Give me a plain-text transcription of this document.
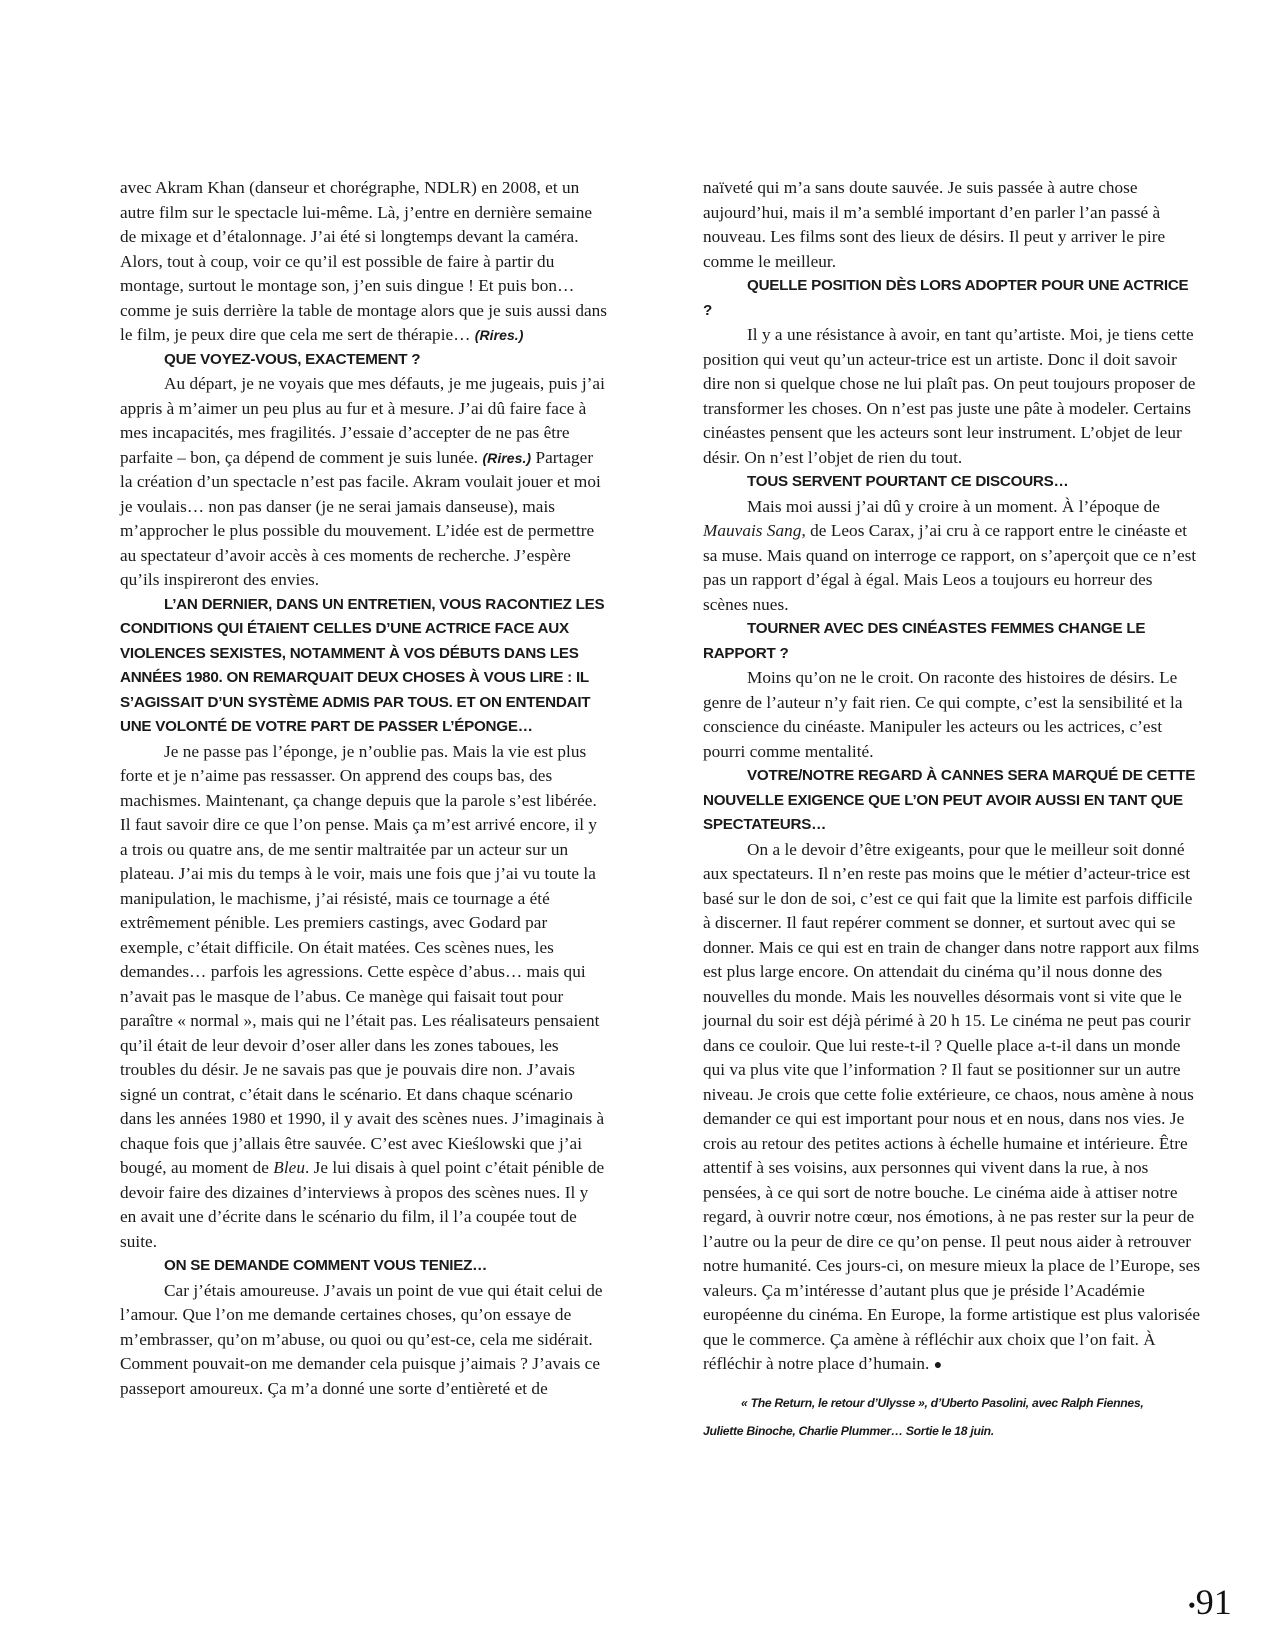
avec Akram Khan (danseur et chorégraphe, NDLR) en 2008, et un autre film sur le spectacle lui-même. Là, j’entre en dernière semaine de mixage et d’étalonnage. J’ai été si longtemps devant la caméra. Alors, tout à coup, voir ce qu’il est possible de faire à partir du montage, surtout le montage son, j’en suis dingue ! Et puis bon… comme je suis derrière la table de montage alors que je suis aussi dans le film, je peux dire que cela me sert de thérapie… (Rires.)
QUE VOYEZ-VOUS, EXACTEMENT ?
Au départ, je ne voyais que mes défauts, je me jugeais, puis j’ai appris à m’aimer un peu plus au fur et à mesure. J’ai dû faire face à mes incapacités, mes fragilités. J’essaie d’accepter de ne pas être parfaite – bon, ça dépend de comment je suis lunée. (Rires.) Partager la création d’un spectacle n’est pas facile. Akram voulait jouer et moi je voulais… non pas danser (je ne serai jamais danseuse), mais m’approcher le plus possible du mouvement. L’idée est de permettre au spectateur d’avoir accès à ces moments de recherche. J’espère qu’ils inspireront des envies.
L’AN DERNIER, DANS UN ENTRETIEN, VOUS RACONTIEZ LES CONDITIONS QUI ÉTAIENT CELLES D’UNE ACTRICE FACE AUX VIOLENCES SEXISTES, NOTAMMENT À VOS DÉBUTS DANS LES ANNÉES 1980. ON REMARQUAIT DEUX CHOSES À VOUS LIRE : IL S’AGISSAIT D’UN SYSTÈME ADMIS PAR TOUS. ET ON ENTENDAIT UNE VOLONTÉ DE VOTRE PART DE PASSER L’ÉPONGE…
Je ne passe pas l’éponge, je n’oublie pas. Mais la vie est plus forte et je n’aime pas ressasser. On apprend des coups bas, des machismes. Maintenant, ça change depuis que la parole s’est libérée. Il faut savoir dire ce que l’on pense. Mais ça m’est arrivé encore, il y a trois ou quatre ans, de me sentir maltraitée par un acteur sur un plateau. J’ai mis du temps à le voir, mais une fois que j’ai vu toute la manipulation, le machisme, j’ai résisté, mais ce tournage a été extrêmement pénible. Les premiers castings, avec Godard par exemple, c’était difficile. On était matées. Ces scènes nues, les demandes… parfois les agressions. Cette espèce d’abus… mais qui n’avait pas le masque de l’abus. Ce manège qui faisait tout pour paraître « normal », mais qui ne l’était pas. Les réalisateurs pensaient qu’il était de leur devoir d’oser aller dans les zones taboues, les troubles du désir. Je ne savais pas que je pouvais dire non. J’avais signé un contrat, c’était dans le scénario. Et dans chaque scénario dans les années 1980 et 1990, il y avait des scènes nues. J’imaginais à chaque fois que j’allais être sauvée. C’est avec Kieślowski que j’ai bougé, au moment de Bleu. Je lui disais à quel point c’était pénible de devoir faire des dizaines d’interviews à propos des scènes nues. Il y en avait une d’écrite dans le scénario du film, il l’a coupée tout de suite.
ON SE DEMANDE COMMENT VOUS TENIEZ…
Car j’étais amoureuse. J’avais un point de vue qui était celui de l’amour. Que l’on me demande certaines choses, qu’on essaye de m’embrasser, qu’on m’abuse, ou quoi ou qu’est-ce, cela me sidérait. Comment pouvait-on me demander cela puisque j’aimais ? J’avais ce passeport amoureux. Ça m’a donné une sorte d’entièreté et de
naïveté qui m’a sans doute sauvée. Je suis passée à autre chose aujourd’hui, mais il m’a semblé important d’en parler l’an passé à nouveau. Les films sont des lieux de désirs. Il peut y arriver le pire comme le meilleur.
QUELLE POSITION DÈS LORS ADOPTER POUR UNE ACTRICE ?
Il y a une résistance à avoir, en tant qu’artiste. Moi, je tiens cette position qui veut qu’un acteur-trice est un artiste. Donc il doit savoir dire non si quelque chose ne lui plaît pas. On peut toujours proposer de transformer les choses. On n’est pas juste une pâte à modeler. Certains cinéastes pensent que les acteurs sont leur instrument. L’objet de leur désir. On n’est l’objet de rien du tout.
TOUS SERVENT POURTANT CE DISCOURS…
Mais moi aussi j’ai dû y croire à un moment. À l’époque de Mauvais Sang, de Leos Carax, j’ai cru à ce rapport entre le cinéaste et sa muse. Mais quand on interroge ce rapport, on s’aperçoit que ce n’est pas un rapport d’égal à égal. Mais Leos a toujours eu horreur des scènes nues.
TOURNER AVEC DES CINÉASTES FEMMES CHANGE LE RAPPORT ?
Moins qu’on ne le croit. On raconte des histoires de désirs. Le genre de l’auteur n’y fait rien. Ce qui compte, c’est la sensibilité et la conscience du cinéaste. Manipuler les acteurs ou les actrices, c’est pourri comme mentalité.
VOTRE/NOTRE REGARD À CANNES SERA MARQUÉ DE CETTE NOUVELLE EXIGENCE QUE L’ON PEUT AVOIR AUSSI EN TANT QUE SPECTATEURS…
On a le devoir d’être exigeants, pour que le meilleur soit donné aux spectateurs. Il n’en reste pas moins que le métier d’acteur-trice est basé sur le don de soi, c’est ce qui fait que la limite est parfois difficile à discerner. Il faut repérer comment se donner, et surtout avec qui se donner. Mais ce qui est en train de changer dans notre rapport aux films est plus large encore. On attendait du cinéma qu’il nous donne des nouvelles du monde. Mais les nouvelles désormais vont si vite que le journal du soir est déjà périmé à 20 h 15. Le cinéma ne peut pas courir dans ce couloir. Que lui reste-t-il ? Quelle place a-t-il dans un monde qui va plus vite que l’information ? Il faut se positionner sur un autre niveau. Je crois que cette folie extérieure, ce chaos, nous amène à nous demander ce qui est important pour nous et en nous, dans nos vies. Je crois au retour des petites actions à échelle humaine et intérieure. Être attentif à ses voisins, aux personnes qui vivent dans la rue, à nos pensées, à ce qui sort de notre bouche. Le cinéma aide à attiser notre regard, à ouvrir notre cœur, nos émotions, à ne pas rester sur la peur de l’autre ou la peur de dire ce qu’on pense. Il peut nous aider à retrouver notre humanité. Ces jours-ci, on mesure mieux la place de l’Europe, ses valeurs. Ça m’intéresse d’autant plus que je préside l’Académie européenne du cinéma. En Europe, la forme artistique est plus valorisée que le commerce. Ça amène à réfléchir aux choix que l’on fait. À réfléchir à notre place d’humain. ●
« The Return, le retour d’Ulysse », d’Uberto Pasolini, avec Ralph Fiennes,
Juliette Binoche, Charlie Plummer… Sortie le 18 juin.
•91
